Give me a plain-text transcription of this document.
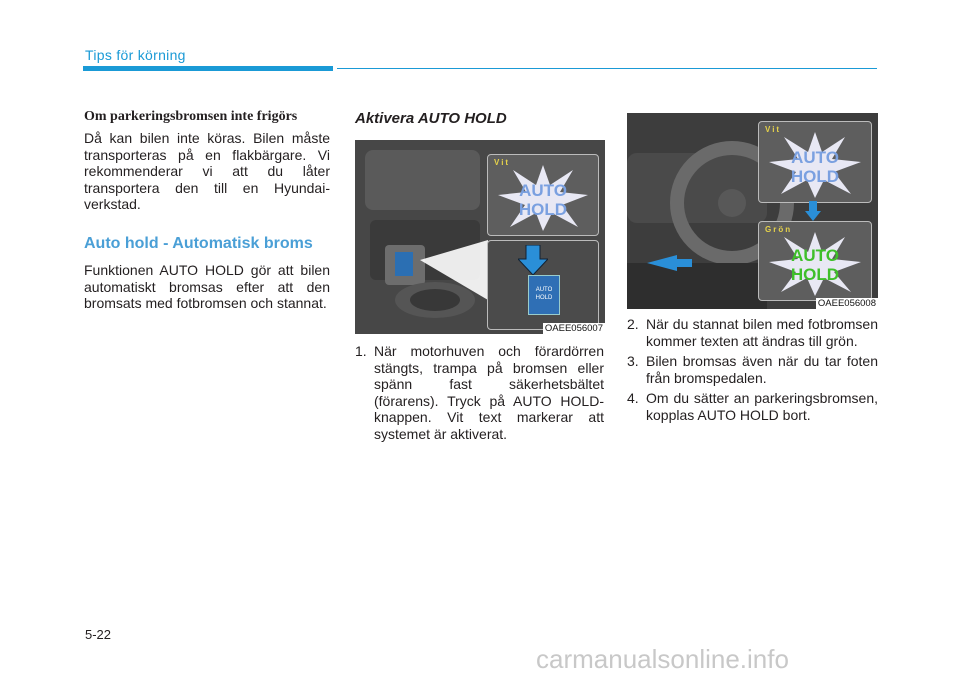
Tips för körning
Om parkeringsbromsen inte frigörs
Då kan bilen inte köras. Bilen måste transporteras på en flakbärgare. Vi rekommenderar vi att du låter transportera den till en Hyundai-verkstad.
Auto hold - Automatisk broms
Funktionen AUTO HOLD gör att bilen automatiskt bromsas efter att den bromsats med fotbromsen och stannat.
Aktivera AUTO HOLD
Vit
AUTO
HOLD
AUTO HOLD
OAEE056007
1. När motorhuven och förardörren stängts, trampa på bromsen eller spänn fast säkerhetsbältet (förarens). Tryck på AUTO HOLD-knappen. Vit text markerar att systemet är aktiverat.
Vit
AUTO
HOLD
Grön
AUTO
HOLD
OAEE056008
2. När du stannat bilen med fotbromsen kommer texten att ändras till grön.
3. Bilen bromsas även när du tar foten från bromspedalen.
4. Om du sätter an parkeringsbromsen, kopplas AUTO HOLD bort.
5-22
carmanualsonline.info
